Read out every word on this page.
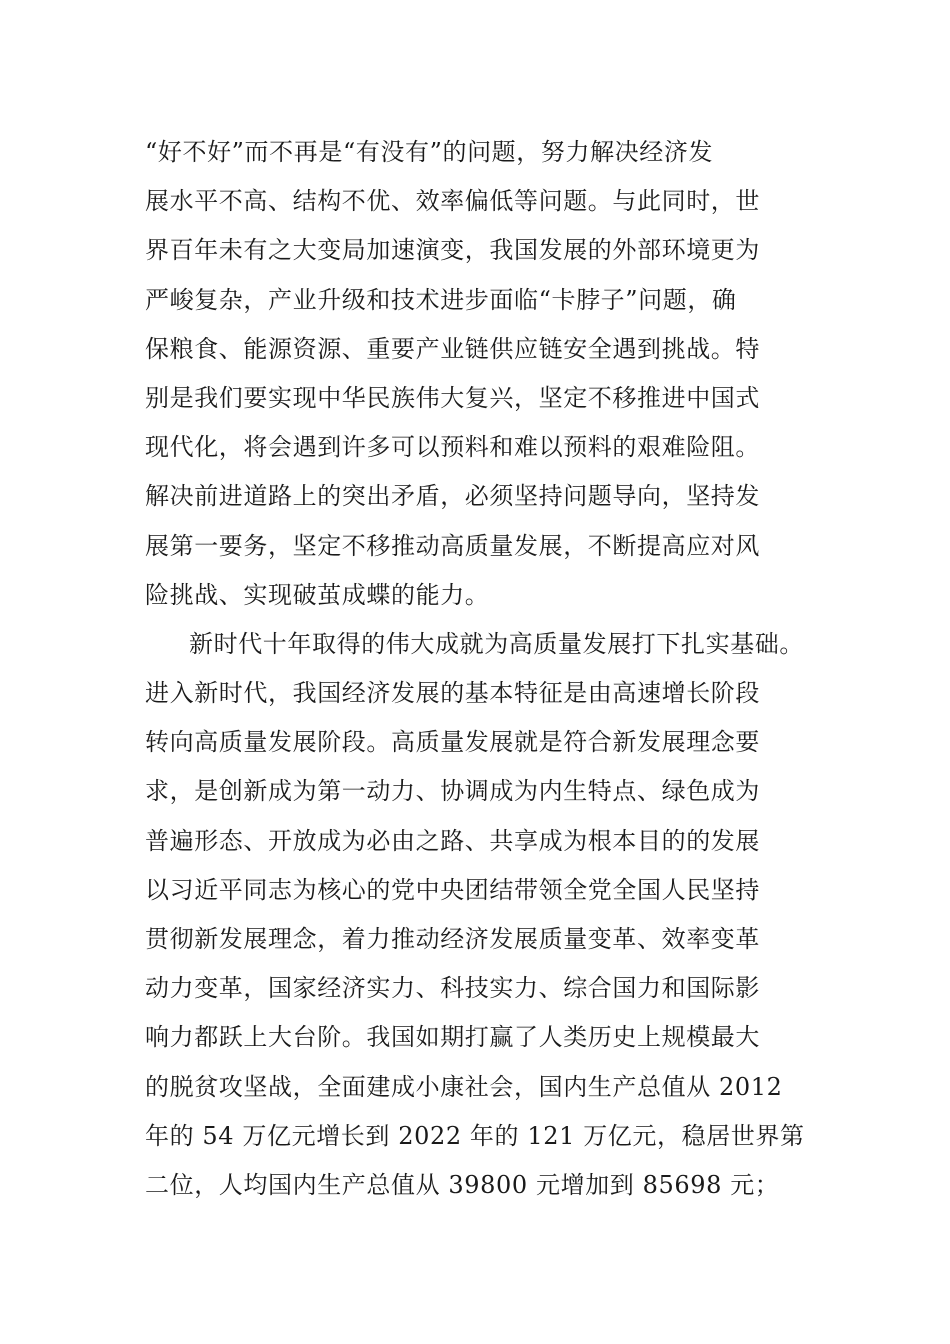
“好不好”而不再是“有没有”的问题，努力解决经济发
展水平不高、结构不优、效率偏低等问题。与此同时，世
界百年未有之大变局加速演变，我国发展的外部环境更为
严峻复杂，产业升级和技术进步面临“卡脖子”问题，确
保粮食、能源资源、重要产业链供应链安全遇到挑战。特
别是我们要实现中华民族伟大复兴，坚定不移推进中国式
现代化，将会遇到许多可以预料和难以预料的艰难险阻。
解决前进道路上的突出矛盾，必须坚持问题导向，坚持发
展第一要务，坚定不移推动高质量发展，不断提高应对风
险挑战、实现破茧成蝶的能力。
新时代十年取得的伟大成就为高质量发展打下扎实基础。
进入新时代，我国经济发展的基本特征是由高速增长阶段
转向高质量发展阶段。高质量发展就是符合新发展理念要
求，是创新成为第一动力、协调成为内生特点、绿色成为
普遍形态、开放成为必由之路、共享成为根本目的的发展
以习近平同志为核心的党中央团结带领全党全国人民坚持
贯彻新发展理念，着力推动经济发展质量变革、效率变革
动力变革，国家经济实力、科技实力、综合国力和国际影
响力都跃上大台阶。我国如期打赢了人类历史上规模最大
的脱贫攻坚战，全面建成小康社会，国内生产总值从 2012
年的 54 万亿元增长到 2022 年的 121 万亿元，稳居世界第
二位，人均国内生产总值从 39800 元增加到 85698 元；
